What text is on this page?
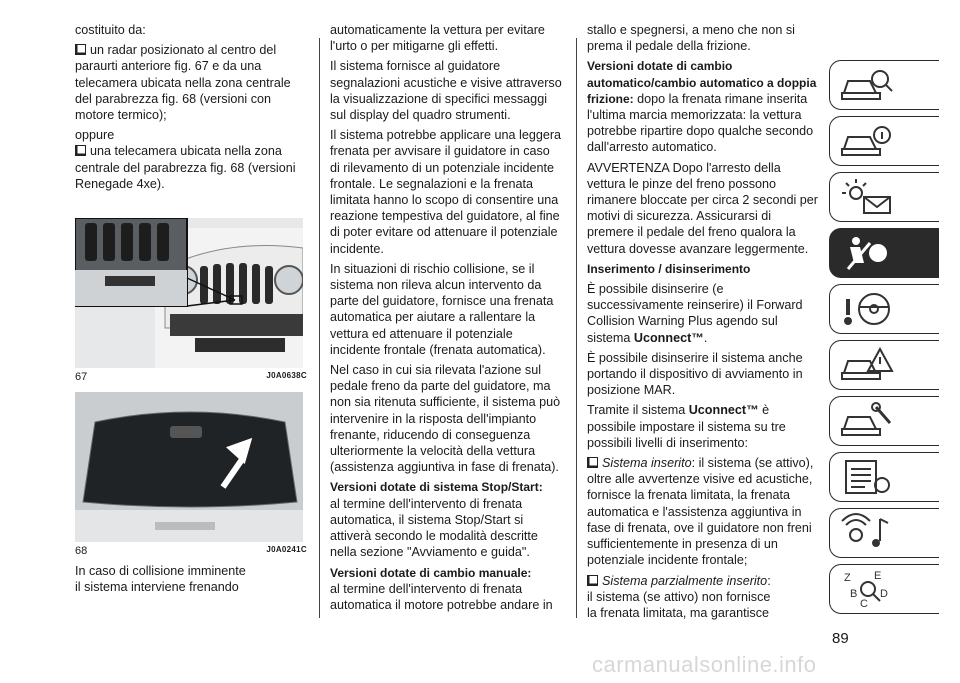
costituito da:

un radar posizionato al centro del paraurti anteriore fig. 67 e da una telecamera ubicata nella zona centrale del parabrezza fig. 68 (versioni con motore termico);

oppure

una telecamera ubicata nella zona centrale del parabrezza fig. 68 (versioni Renegade 4xe).

67	J0A0638C
68	J0A0241C

In caso di collisione imminente

il sistema interviene frenando

automaticamente la vettura per evitare l'urto o per mitigarne gli effetti.

Il sistema fornisce al guidatore segnalazioni acustiche e visive attraverso la visualizzazione di specifici messaggi sul display del quadro strumenti.

Il sistema potrebbe applicare una leggera frenata per avvisare il guidatore in caso di rilevamento di un potenziale incidente frontale. Le segnalazioni e la frenata limitata hanno lo scopo di consentire una reazione tempestiva del guidatore, al fine di poter evitare od attenuare il potenziale incidente.

In situazioni di rischio collisione, se il sistema non rileva alcun intervento da parte del guidatore, fornisce una frenata automatica per aiutare a rallentare la vettura ed attenuare il potenziale incidente frontale (frenata automatica).

Nel caso in cui sia rilevata l'azione sul pedale freno da parte del guidatore, ma non sia ritenuta sufficiente, il sistema può intervenire in la risposta dell'impianto frenante, riducendo di conseguenza ulteriormente la velocità della vettura (assistenza aggiuntiva in fase di frenata).

Versioni dotate di sistema Stop/Start:

al termine dell'intervento di frenata automatica, il sistema Stop/Start si attiverà secondo le modalità descritte nella sezione "Avviamento e guida".

Versioni dotate di cambio manuale:

al termine dell'intervento di frenata automatica il motore potrebbe andare in

stallo e spegnersi, a meno che non si prema il pedale della frizione.

Versioni dotate di cambio automatico/cambio automatico a doppia frizione: dopo la frenata rimane inserita l'ultima marcia memorizzata: la vettura potrebbe ripartire dopo qualche secondo dall'arresto automatico.

AVVERTENZA Dopo l'arresto della vettura le pinze del freno possono rimanere bloccate per circa 2 secondi per motivi di sicurezza. Assicurarsi di premere il pedale del freno qualora la vettura dovesse avanzare leggermente.

Inserimento / disinserimento

È possibile disinserire (e successivamente reinserire) il Forward Collision Warning Plus agendo sul sistema Uconnect™.

È possibile disinserire il sistema anche portando il dispositivo di avviamento in posizione MAR.

Tramite il sistema Uconnect™ è possibile impostare il sistema su tre possibili livelli di inserimento:

Sistema inserito: il sistema (se attivo), oltre alle avvertenze visive ed acustiche, fornisce la frenata limitata, la frenata automatica e l'assistenza aggiuntiva in fase di frenata, ove il guidatore non freni sufficientemente in presenza di un potenziale incidente frontale;

Sistema parzialmente inserito:

il sistema (se attivo) non fornisce

la frenata limitata, ma garantisce

Z E
B D
C
89
carmanualsonline.info
